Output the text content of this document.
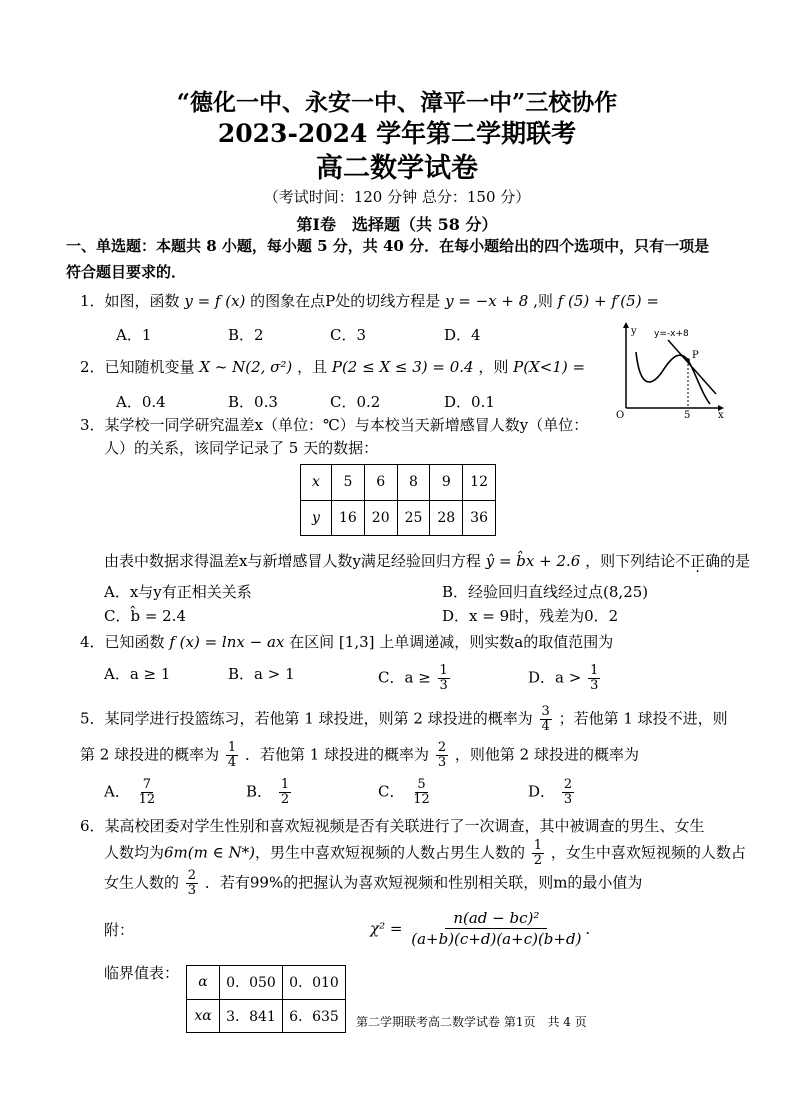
“德化一中、永安一中、漳平一中”三校协作
2023-2024 学年第二学期联考
高二数学试卷
（考试时间：120 分钟 总分：150 分）
第Ⅰ卷　选择题（共 58 分）
一、单选题：本题共 8 小题，每小题 5 分，共 40 分．在每小题给出的四个选项中，只有一项是
符合题目要求的．
1．如图，函数 y = f (x) 的图象在点P处的切线方程是 y = −x + 8 ,则 f (5) + f′(5) =
A．1	B．2	C．3	D．4	y
x
O	5
P
y=-x+8
2．已知随机变量 X ~ N(2, σ²) ，且 P(2 ≤ X ≤ 3) = 0.4 ，则 P(X<1) =
A．0.4	B．0.3	C．0.2	D．0.1
3．某学校一同学研究温差x（单位：℃）与本校当天新增感冒人数y（单位：
人）的关系，该同学记录了 5 天的数据：
x	5	6	8	9	12
y	16	20	25	28	36
由表中数据求得温差x与新增感冒人数y满足经验回归方程 ŷ = b̂x + 2.6 ，则下列结论不正确的是
A．x与y有正相关关系	B．经验回归直线经过点(8,25)
C．b̂ = 2.4	D．x = 9时，残差为0．2
4．已知函数 f (x) = lnx − ax 在区间 [1,3] 上单调递减，则实数a的取值范围为
A．a ≥ 1	B．a > 1	C．$a \ge \frac{1}{3}$	D．$a > \frac{1}{3}$
5．某同学进行投篮练习，若他第 1 球投进，则第 2 球投进的概率为 $\frac{3}{4}$ ；若他第 1 球投不进，则
第 2 球投进的概率为 $\frac{1}{4}$ ．若他第 1 球投进的概率为 $\frac{2}{3}$ ，则他第 2 球投进的概率为
A． $\frac{7}{12}$	B． $\frac{1}{2}$	C． $\frac{5}{12}$	D． $\frac{2}{3}$
6．某高校团委对学生性别和喜欢短视频是否有关联进行了一次调查，其中被调查的男生、女生
人数均为6m(m ∈ N*)，男生中喜欢短视频的人数占男生人数的 $\frac{1}{2}$ ，女生中喜欢短视频的人数占
女生人数的 $\frac{2}{3}$ ．若有99%的把握认为喜欢短视频和性别相关联，则m的最小值为
附：	$\chi^2 = \frac{\text{n(ad − bc)²}}{(a+b)(c+d)(a+c)(b+d)}$ ．
临界值表：
α	0．050	0．010
xα	3．841	6．635 第二学期联考高二数学试卷 第1页　共 4 页
